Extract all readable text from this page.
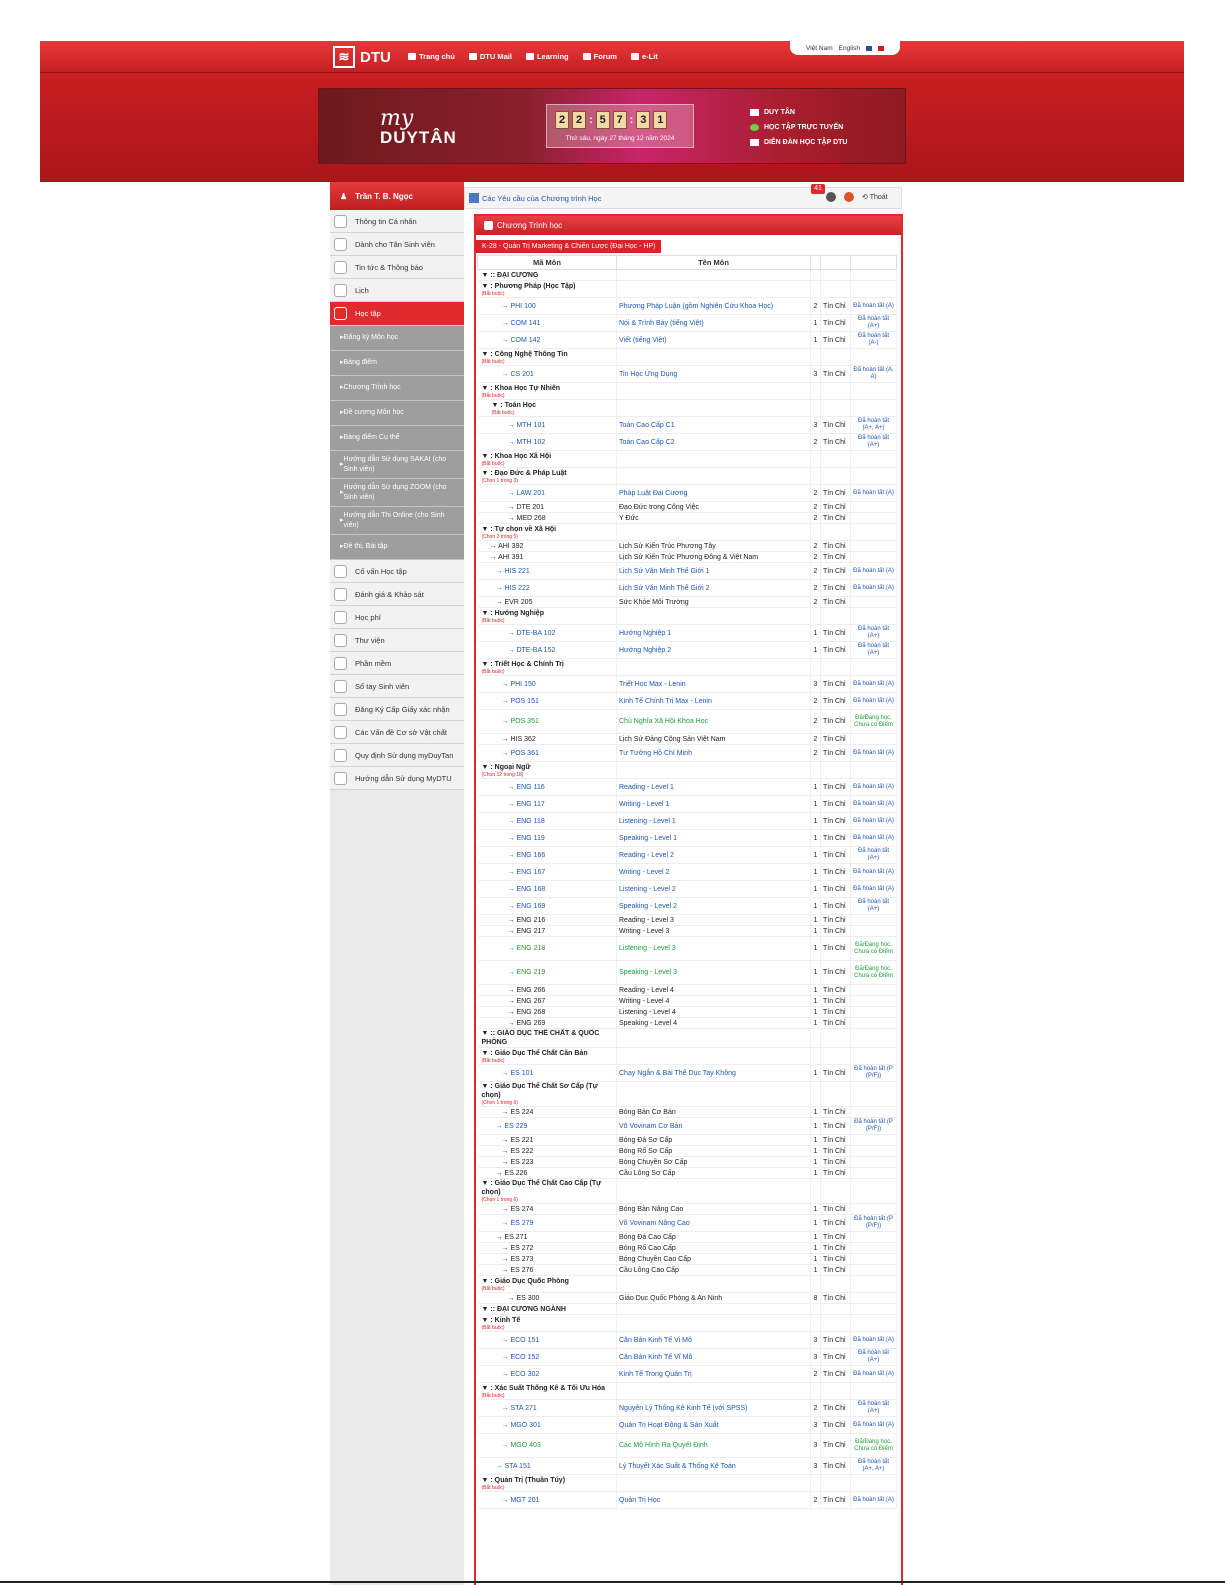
≋ DTU	Trang chủ	DTU Mail	Learning	Forum	e-Lit
Việt Nam English
my
DUYTÂN
2 2 : 5 7 : 3 1
Thứ sáu, ngày 27 tháng 12 năm 2024
DUY TÂN
HỌC TẬP TRỰC TUYẾN
DIỄN ĐÀN HỌC TẬP DTU
♟ Trần T. B. Ngọc
Thông tin Cá nhân
Dành cho Tân Sinh viên
Tin tức & Thông báo
Lịch
Học tập
▸ Đăng ký Môn học
▸ Bảng điểm
▸ Chương Trình học
▸ Đề cương Môn học
▸ Bảng điểm Cụ thể
▸
Hướng dẫn Sử dụng SAKAI (cho Sinh viên)
▸
Hướng dẫn Sử dụng ZOOM (cho Sinh viên)
▸
Hướng dẫn Thi Online (cho Sinh viên)
▸ Đề thi, Bài tập
Cố vấn Học tập
Đánh giá & Khảo sát
Học phí
Thư viện
Phần mềm
Sổ tay Sinh viên
Đăng Ký Cấp Giấy xác nhận
Các Vấn đề Cơ sở Vật chất
Quy định Sử dụng myDuyTan
Hướng dẫn Sử dụng MyDTU
Các Yêu cầu của Chương trình Học
41
⟲ Thoát
Chương Trình học
K-28 - Quản Trị Marketing & Chiến Lược (Đại Học - HP)
Mã Môn	Tên Môn			
▼ :: ĐẠI CƯƠNG				
▼ : Phương Pháp (Học Tập)
(Bắt buộc)				

→ PHI 100	Phương Pháp Luận (gồm Nghiên Cứu Khoa Học)	2	Tín Chỉ	Đã hoàn tất (A)
→ COM 141	Nói & Trình Bày (tiếng Việt)	1	Tín Chỉ	Đã hoàn tất (A+)
→ COM 142	Viết (tiếng Việt)	1	Tín Chỉ	Đã hoàn tất (A-)
▼ : Công Nghệ Thông Tin
(Bắt buộc)				

→ CS 201	Tin Học Ứng Dụng	3	Tín Chỉ	Đã hoàn tất (A, A)
▼ : Khoa Học Tự Nhiên
(Bắt buộc)				

▼ : Toán Học
(Bắt buộc)				

→ MTH 101	Toán Cao Cấp C1	3	Tín Chỉ	Đã hoàn tất (A+, A+)
→ MTH 102	Toán Cao Cấp C2	2	Tín Chỉ	Đã hoàn tất (A+)
▼ : Khoa Học Xã Hội
(Bắt buộc)				

▼ : Đạo Đức & Pháp Luật
(Chọn 1 trong 3)				

→ LAW 201	Pháp Luật Đại Cương	2	Tín Chỉ	Đã hoàn tất (A)
→ DTE 201	Đạo Đức trong Công Việc	2	Tín Chỉ	
→ MED 268	Y Đức	2	Tín Chỉ	
▼ : Tự chọn về Xã Hội
(Chọn 2 trong 5)				

→ AHI 392	Lịch Sử Kiến Trúc Phương Tây	2	Tín Chỉ	
→ AHI 391	Lịch Sử Kiến Trúc Phương Đông & Việt Nam	2	Tín Chỉ	
→ HIS 221	Lịch Sử Văn Minh Thế Giới 1	2	Tín Chỉ	Đã hoàn tất (A)
→ HIS 222	Lịch Sử Văn Minh Thế Giới 2	2	Tín Chỉ	Đã hoàn tất (A)
→ EVR 205	Sức Khỏe Môi Trường	2	Tín Chỉ	
▼ : Hướng Nghiệp
(Bắt buộc)				

→ DTE-BA 102	Hướng Nghiệp 1	1	Tín Chỉ	Đã hoàn tất (A+)
→ DTE-BA 152	Hướng Nghiệp 2	1	Tín Chỉ	Đã hoàn tất (A+)
▼ : Triết Học & Chính Trị
(Bắt buộc)				

→ PHI 150	Triết Học Max - Lenin	3	Tín Chỉ	Đã hoàn tất (A)
→ POS 151	Kinh Tế Chính Trị Max - Lenin	2	Tín Chỉ	Đã hoàn tất (A)
→ POS 351	Chủ Nghĩa Xã Hội Khoa Học	2	Tín Chỉ	Đã/Đang học, Chưa có Điểm
→ HIS 362	Lịch Sử Đảng Cộng Sản Việt Nam	2	Tín Chỉ	
→ POS 361	Tư Tưởng Hồ Chí Minh	2	Tín Chỉ	Đã hoàn tất (A)
▼ : Ngoại Ngữ
(Chọn 12 trong 18)				

→ ENG 116	Reading - Level 1	1	Tín Chỉ	Đã hoàn tất (A)
→ ENG 117	Writing - Level 1	1	Tín Chỉ	Đã hoàn tất (A)
→ ENG 118	Listening - Level 1	1	Tín Chỉ	Đã hoàn tất (A)
→ ENG 119	Speaking - Level 1	1	Tín Chỉ	Đã hoàn tất (A)
→ ENG 166	Reading - Level 2	1	Tín Chỉ	Đã hoàn tất (A+)
→ ENG 167	Writing - Level 2	1	Tín Chỉ	Đã hoàn tất (A)
→ ENG 168	Listening - Level 2	1	Tín Chỉ	Đã hoàn tất (A)
→ ENG 169	Speaking - Level 2	1	Tín Chỉ	Đã hoàn tất (A+)
→ ENG 216	Reading - Level 3	1	Tín Chỉ	
→ ENG 217	Writing - Level 3	1	Tín Chỉ	
→ ENG 218	Listening - Level 3	1	Tín Chỉ	Đã/Đang học, Chưa có Điểm
→ ENG 219	Speaking - Level 3	1	Tín Chỉ	Đã/Đang học, Chưa có Điểm
→ ENG 266	Reading - Level 4	1	Tín Chỉ	
→ ENG 267	Writing - Level 4	1	Tín Chỉ	
→ ENG 268	Listening - Level 4	1	Tín Chỉ	
→ ENG 269	Speaking - Level 4	1	Tín Chỉ	
▼ :: GIÁO DỤC THỂ CHẤT & QUỐC PHÒNG				
▼ : Giáo Dục Thể Chất Căn Bản
(Bắt buộc)				

→ ES 101	Chạy Ngắn & Bài Thể Dục Tay Không	1	Tín Chỉ	Đã hoàn tất (P (P/F))
▼ : Giáo Dục Thể Chất Sơ Cấp (Tự chọn)
(Chọn 1 trong 6)				

→ ES 224	Bóng Bàn Cơ Bản	1	Tín Chỉ	
→ ES 229	Vô Vovinam Cơ Bản	1	Tín Chỉ	Đã hoàn tất (P (P/F))
→ ES 221	Bóng Đá Sơ Cấp	1	Tín Chỉ	
→ ES 222	Bóng Rổ Sơ Cấp	1	Tín Chỉ	
→ ES 223	Bóng Chuyền Sơ Cấp	1	Tín Chỉ	
→ ES 226	Cầu Lông Sơ Cấp	1	Tín Chỉ	
▼ : Giáo Dục Thể Chất Cao Cấp (Tự chọn)
(Chọn 1 trong 6)				

→ ES 274	Bóng Bàn Nâng Cao	1	Tín Chỉ	
→ ES 279	Võ Vovinam Nâng Cao	1	Tín Chỉ	Đã hoàn tất (P (P/F))
→ ES 271	Bóng Đá Cao Cấp	1	Tín Chỉ	
→ ES 272	Bóng Rổ Cao Cấp	1	Tín Chỉ	
→ ES 273	Bóng Chuyền Cao Cấp	1	Tín Chỉ	
→ ES 276	Cầu Lông Cao Cấp	1	Tín Chỉ	
▼ : Giáo Dục Quốc Phòng
(Bắt buộc)				

→ ES 300	Giáo Dục Quốc Phòng & An Ninh	8	Tín Chỉ	
▼ :: ĐẠI CƯƠNG NGÀNH				
▼ : Kinh Tế
(Bắt buộc)				

→ ECO 151	Căn Bản Kinh Tế Vi Mô	3	Tín Chỉ	Đã hoàn tất (A)
→ ECO 152	Căn Bản Kinh Tế Vĩ Mô	3	Tín Chỉ	Đã hoàn tất (A+)
→ ECO 302	Kinh Tế Trong Quản Trị	2	Tín Chỉ	Đã hoàn tất (A)
▼ : Xác Suất Thống Kê & Tối Ưu Hóa
(Bắt buộc)				

→ STA 271	Nguyên Lý Thống Kê Kinh Tế (với SPSS)	2	Tín Chỉ	Đã hoàn tất (A+)
→ MGO 301	Quản Trị Hoạt Động & Sản Xuất	3	Tín Chỉ	Đã hoàn tất (A)
→ MGO 403	Các Mô Hình Ra Quyết Định	3	Tín Chỉ	Đã/Đang học, Chưa có Điểm
→ STA 151	Lý Thuyết Xác Suất & Thống Kê Toán	3	Tín Chỉ	Đã hoàn tất (A+, A+)
▼ : Quản Trị (Thuần Túy)
(Bắt buộc)				

→ MGT 201	Quản Trị Học	2	Tín Chỉ	Đã hoàn tất (A)
